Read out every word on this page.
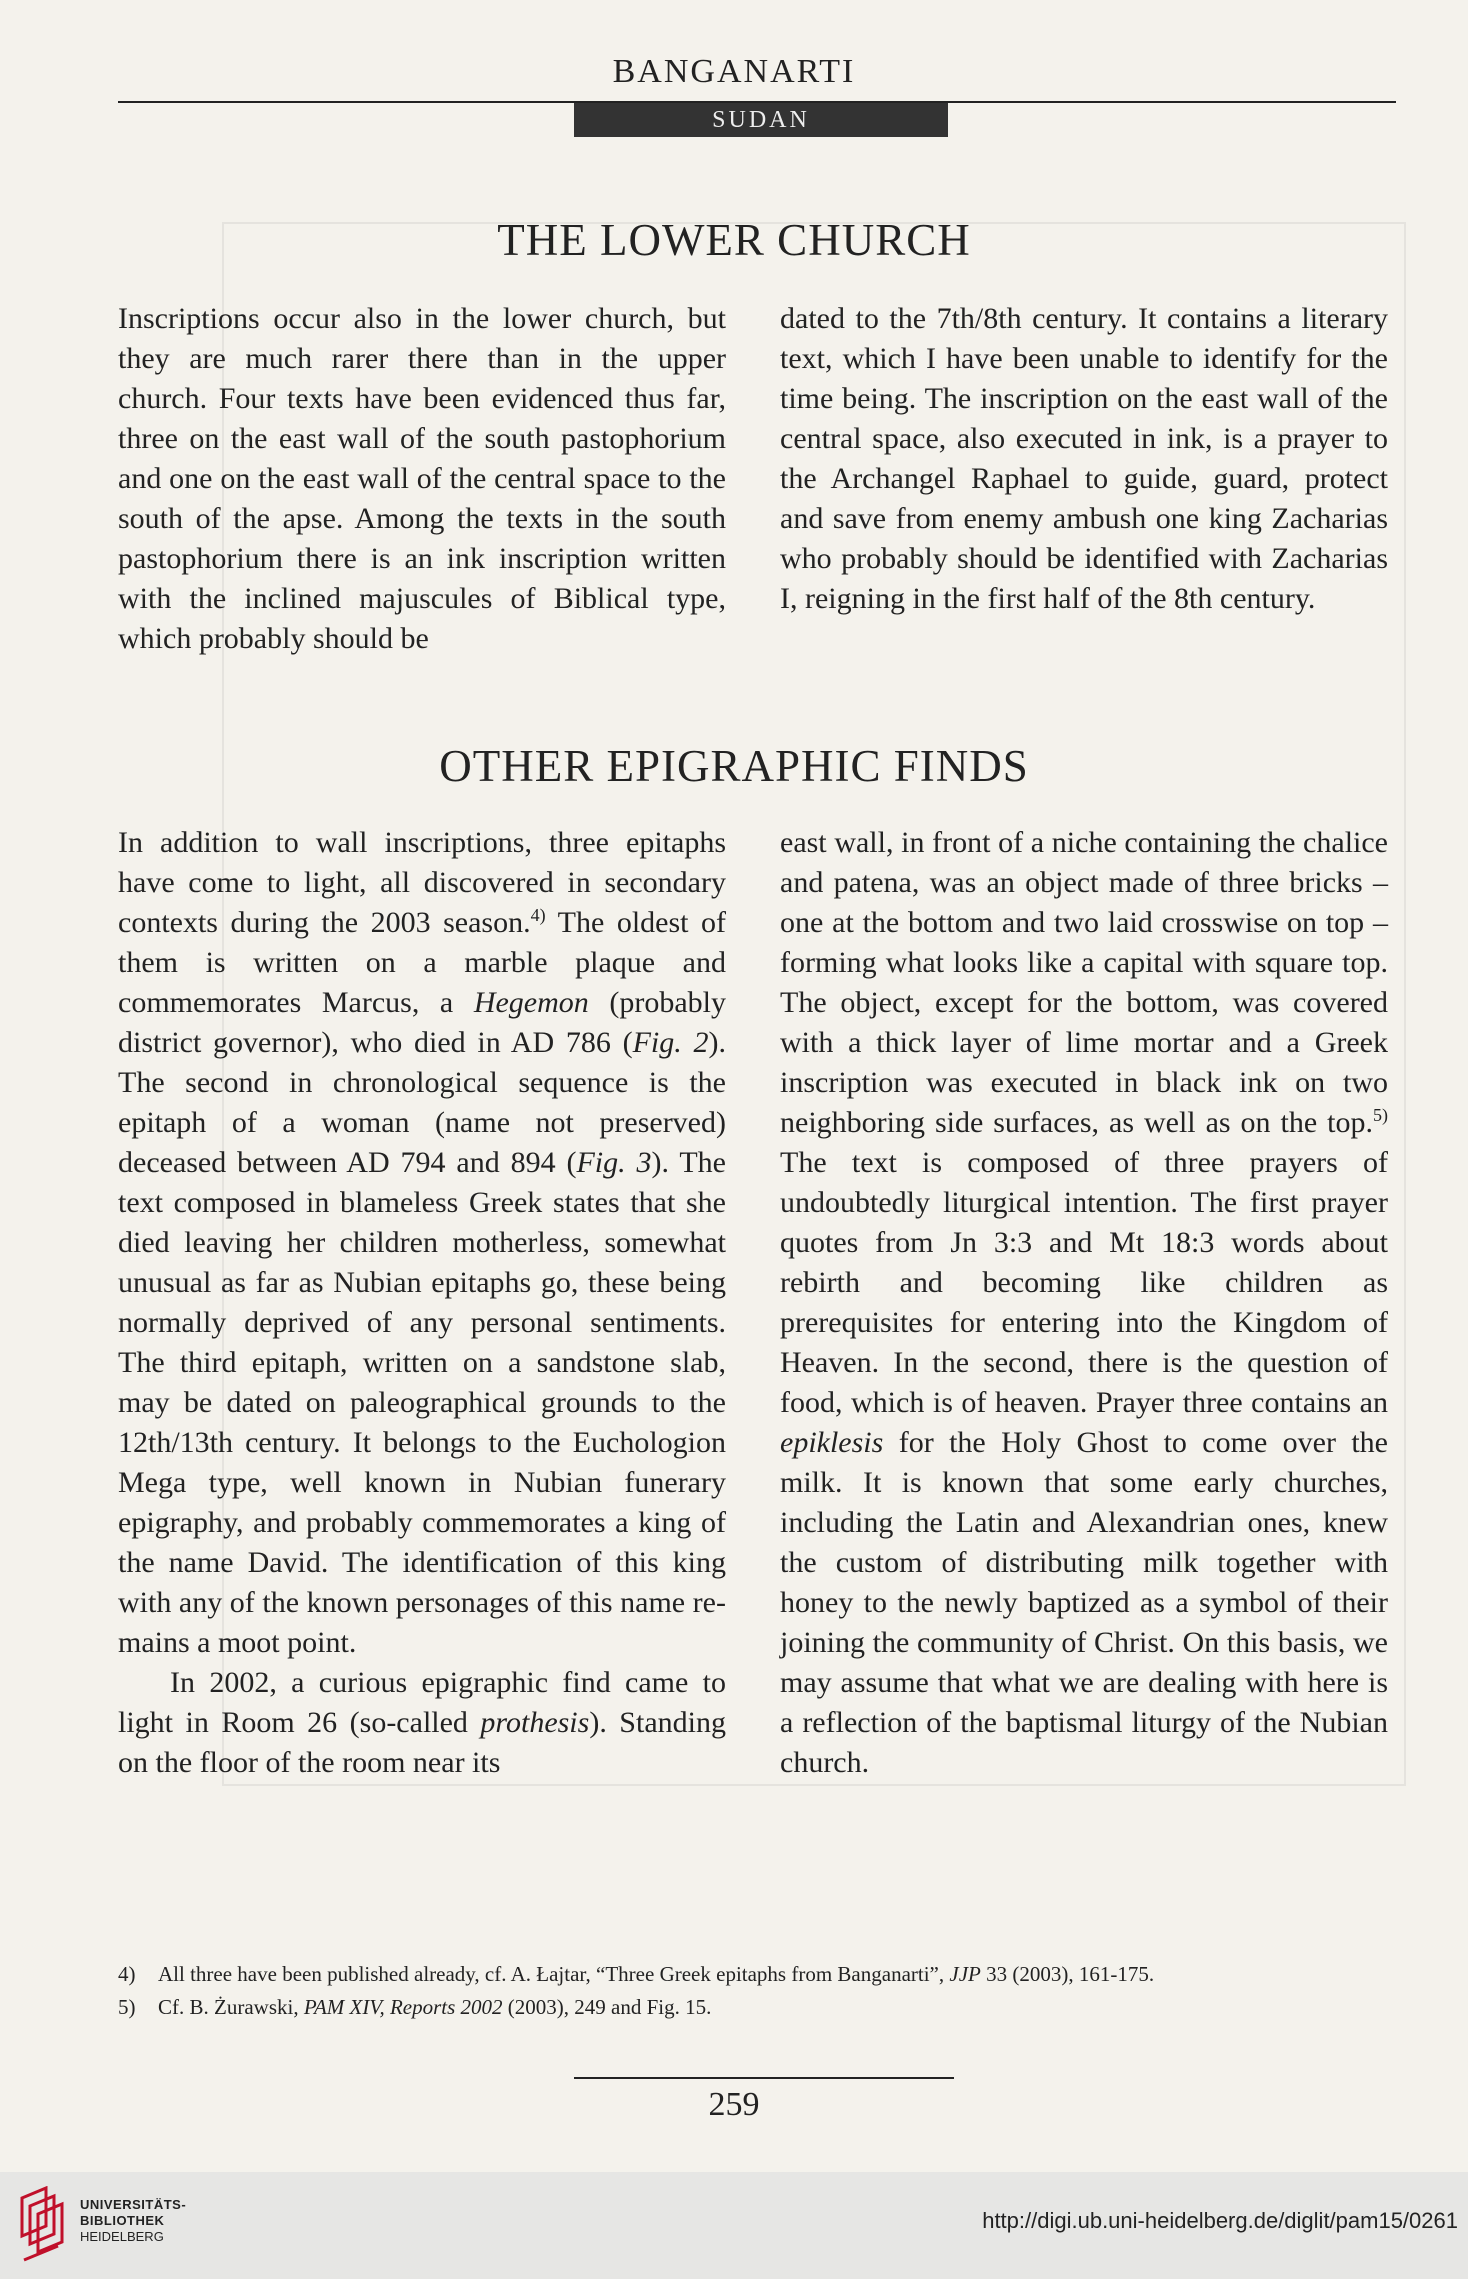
BANGANARTI
SUDAN
THE LOWER CHURCH

Inscriptions occur also in the lower church, but they are much rarer there than in the upper church. Four texts have been evidenced thus far, three on the east wall of the south pastophorium and one on the east wall of the central space to the south of the apse. Among the texts in the south pastophorium there is an ink inscription written with the inclined majuscules of Biblical type, which probably should be

dated to the 7th/8th century. It contains a literary text, which I have been unable to identify for the time being. The inscription on the east wall of the central space, also executed in ink, is a prayer to the Archangel Raphael to guide, guard, protect and save from enemy ambush one king Zacharias who probably should be identified with Zacharias I, reigning in the first half of the 8th century.

OTHER EPIGRAPHIC FINDS

In addition to wall inscriptions, three epitaphs have come to light, all discovered in secondary contexts during the 2003 season.$^{4)}$ The oldest of them is written on a marble plaque and commemorates Marcus, a Hegemon (probably district governor), who died in AD 786 (Fig. 2). The second in chronological sequence is the epitaph of a woman (name not preserved) deceased between AD 794 and 894 (Fig. 3). The text composed in blameless Greek states that she died leaving her children motherless, somewhat unusual as far as Nubian epitaphs go, these being normally deprived of any personal sentiments. The third epitaph, written on a sandstone slab, may be dated on paleographical grounds to the 12th/13th century. It belongs to the Euchologion Mega type, well known in Nubian funerary epigraphy, and probably commemorates a king of the name David. The identification of this king with any of the known personages of this name remains a moot point.

In 2002, a curious epigraphic find came to light in Room 26 (so-called prothesis). Standing on the floor of the room near its

east wall, in front of a niche containing the chalice and patena, was an object made of three bricks – one at the bottom and two laid crosswise on top – forming what looks like a capital with square top. The object, except for the bottom, was covered with a thick layer of lime mortar and a Greek inscription was executed in black ink on two neighboring side surfaces, as well as on the top.$^{5)}$ The text is composed of three prayers of undoubtedly liturgical intention. The first prayer quotes from Jn 3:3 and Mt 18:3 words about rebirth and becoming like children as prerequisites for entering into the Kingdom of Heaven. In the second, there is the question of food, which is of heaven. Prayer three contains an epiklesis for the Holy Ghost to come over the milk. It is known that some early churches, including the Latin and Alexandrian ones, knew the custom of distributing milk together with honey to the newly baptized as a symbol of their joining the community of Christ. On this basis, we may assume that what we are dealing with here is a reflection of the baptismal liturgy of the Nubian church.

4)	All three have been published already, cf. A. Łajtar, “Three Greek epitaphs from Banganarti”, JJP 33 (2003), 161-175.
5)	Cf. B. Żurawski, PAM XIV, Reports 2002 (2003), 249 and Fig. 15.
259
UNIVERSITÄTS-
BIBLIOTHEK
HEIDELBERG
http://digi.ub.uni-heidelberg.de/diglit/pam15/0261
